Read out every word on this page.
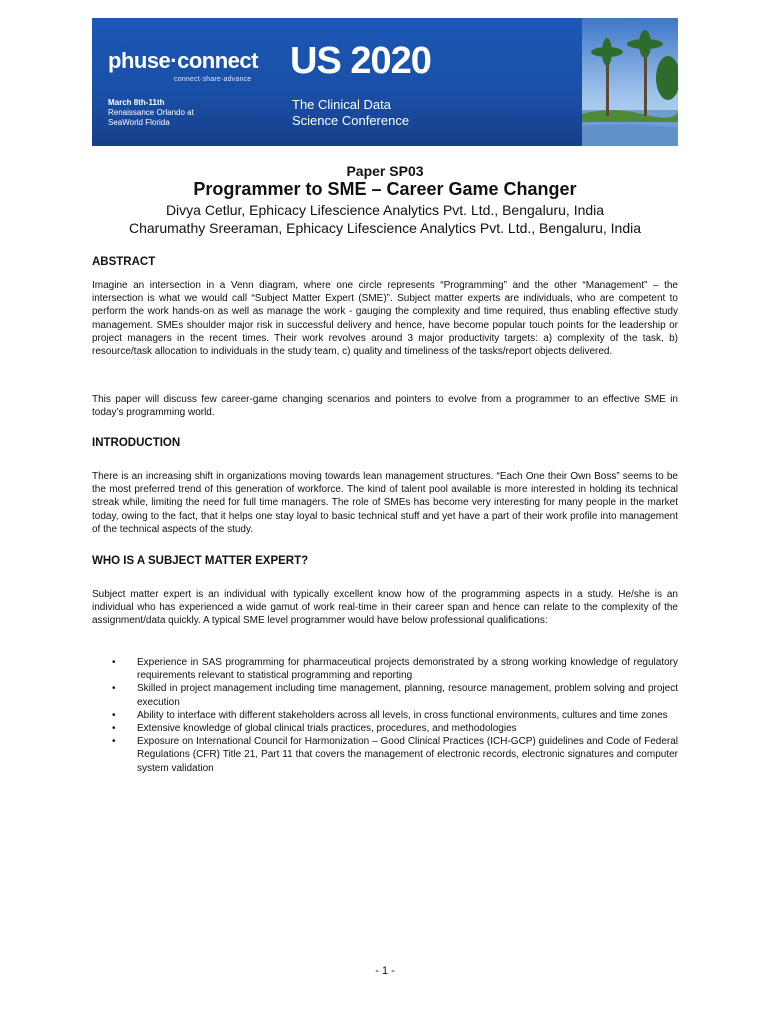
phuse·connect
connect·share·advance US 2020
The Clinical Data
Science Conference
March 8th-11th
Renaissance Orlando at
SeaWorld Florida
Paper SP03
Programmer to SME – Career Game Changer
Divya Cetlur, Ephicacy Lifescience Analytics Pvt. Ltd., Bengaluru, India
Charumathy Sreeraman, Ephicacy Lifescience Analytics Pvt. Ltd., Bengaluru, India
ABSTRACT
Imagine an intersection in a Venn diagram, where one circle represents “Programming” and the other “Management” – the intersection is what we would call “Subject Matter Expert (SME)”. Subject matter experts are individuals, who are competent to perform the work hands-on as well as manage the work - gauging the complexity and time required, thus enabling effective study management. SMEs shoulder major risk in successful delivery and hence, have become popular touch points for the leadership or project managers in the recent times. Their work revolves around 3 major productivity targets: a) complexity of the task, b) resource/task allocation to individuals in the study team, c) quality and timeliness of the tasks/report objects delivered.
This paper will discuss few career-game changing scenarios and pointers to evolve from a programmer to an effective SME in today’s programming world.
INTRODUCTION
There is an increasing shift in organizations moving towards lean management structures. “Each One their Own Boss” seems to be the most preferred trend of this generation of workforce. The kind of talent pool available is more interested in holding its technical streak while, limiting the need for full time managers. The role of SMEs has become very interesting for many people in the market today, owing to the fact, that it helps one stay loyal to basic technical stuff and yet have a part of their work profile into management of the technical aspects of the study.
WHO IS A SUBJECT MATTER EXPERT?
Subject matter expert is an individual with typically excellent know how of the programming aspects in a study. He/she is an individual who has experienced a wide gamut of work real-time in their career span and hence can relate to the complexity of the assignment/data quickly. A typical SME level programmer would have below professional qualifications:
• Experience in SAS programming for pharmaceutical projects demonstrated by a strong working knowledge of regulatory requirements relevant to statistical programming and reporting
• Skilled in project management including time management, planning, resource management, problem solving and project execution
• Ability to interface with different stakeholders across all levels, in cross functional environments, cultures and time zones
• Extensive knowledge of global clinical trials practices, procedures, and methodologies
• Exposure on International Council for Harmonization – Good Clinical Practices (ICH-GCP) guidelines and Code of Federal Regulations (CFR) Title 21, Part 11 that covers the management of electronic records, electronic signatures and computer system validation
- 1 -
